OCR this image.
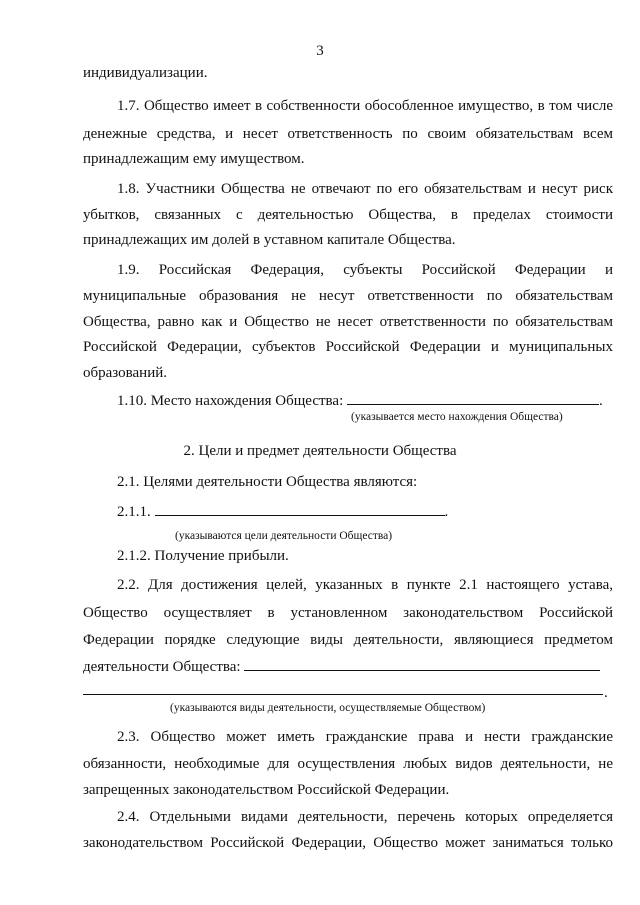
3
индивидуализации.
1.7. Общество имеет в собственности обособленное имущество, в том числе
денежные средства, и несет ответственность по своим обязательствам всем
принадлежащим ему имуществом.
1.8. Участники Общества не отвечают по его обязательствам и несут риск
убытков, связанных с деятельностью Общества, в пределах стоимости
принадлежащих им долей в уставном капитале Общества.
1.9. Российская Федерация, субъекты Российской Федерации и
муниципальные образования не несут ответственности по обязательствам
Общества, равно как и Общество не несет ответственности по обязательствам
Российской Федерации, субъектов Российской Федерации и муниципальных
образований.
1.10. Место нахождения Общества:	.
(указывается место нахождения Общества)
2. Цели и предмет деятельности Общества
2.1. Целями деятельности Общества являются:
2.1.1.	.
(указываются цели деятельности Общества)
2.1.2. Получение прибыли.
2.2. Для достижения целей, указанных в пункте 2.1 настоящего устава,
Общество осуществляет в установленном законодательством Российской
Федерации порядке следующие виды деятельности, являющиеся предметом
деятельности Общества:
.
(указываются виды деятельности, осуществляемые Обществом)
2.3. Общество может иметь гражданские права и нести гражданские
обязанности, необходимые для осуществления любых видов деятельности, не
запрещенных законодательством Российской Федерации.
2.4. Отдельными видами деятельности, перечень которых определяется
законодательством Российской Федерации, Общество может заниматься только
